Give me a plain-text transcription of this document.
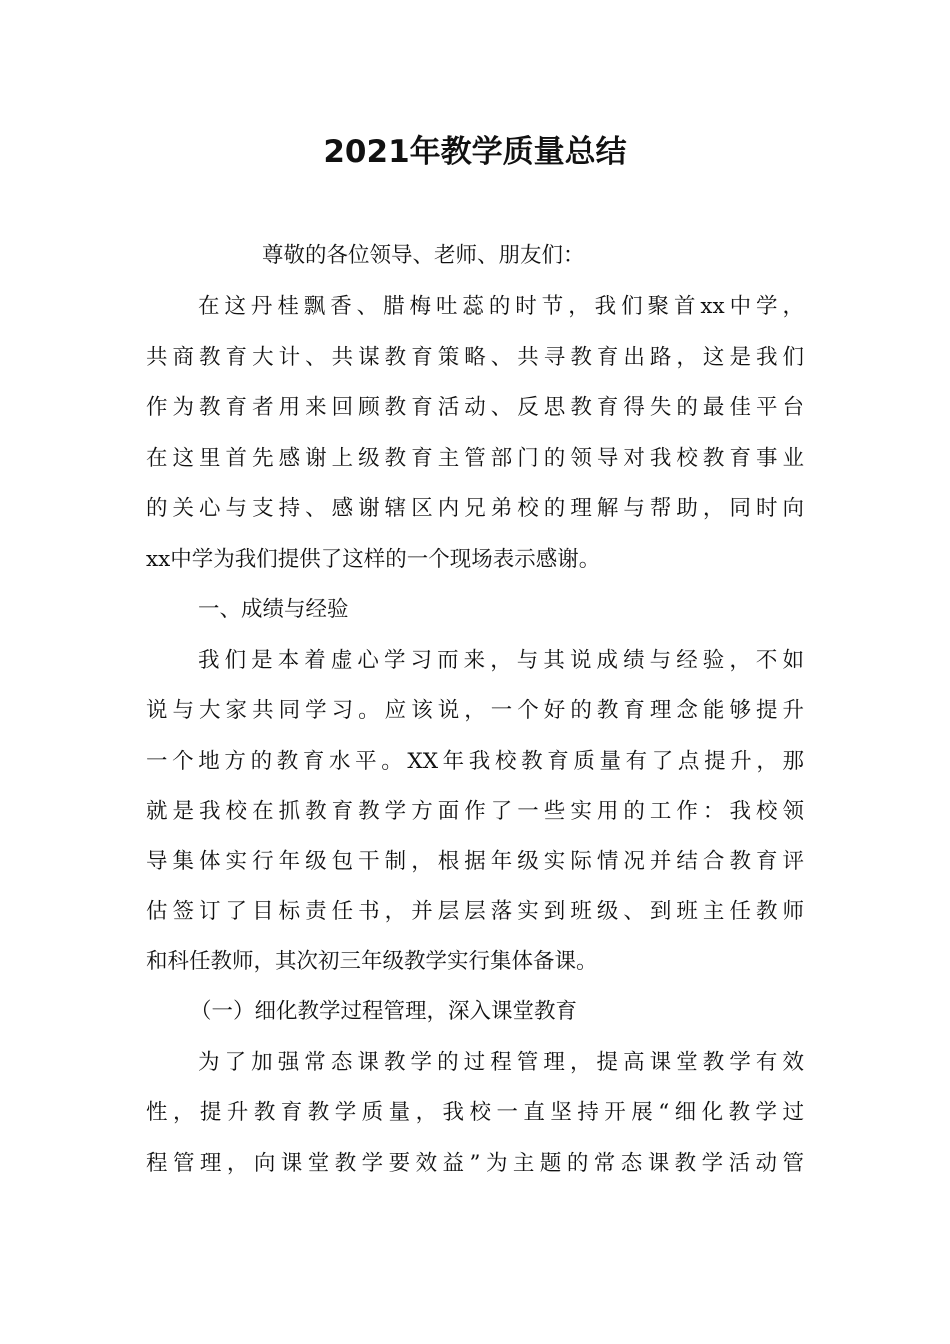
2021年教学质量总结
尊敬的各位领导、老师、朋友们：
在这丹桂飘香、腊梅吐蕊的时节，我们聚首xx中学，
共商教育大计、共谋教育策略、共寻教育出路，这是我们
作为教育者用来回顾教育活动、反思教育得失的最佳平台
在这里首先感谢上级教育主管部门的领导对我校教育事业
的关心与支持、感谢辖区内兄弟校的理解与帮助，同时向
xx中学为我们提供了这样的一个现场表示感谢。
一、成绩与经验
我们是本着虚心学习而来，与其说成绩与经验，不如
说与大家共同学习。应该说，一个好的教育理念能够提升
一个地方的教育水平。XX年我校教育质量有了点提升，那
就是我校在抓教育教学方面作了一些实用的工作：我校领
导集体实行年级包干制，根据年级实际情况并结合教育评
估签订了目标责任书，并层层落实到班级、到班主任教师
和科任教师，其次初三年级教学实行集体备课。
（一）细化教学过程管理，深入课堂教育
为了加强常态课教学的过程管理，提高课堂教学有效
性，提升教育教学质量，我校一直坚持开展“细化教学过
程管理，向课堂教学要效益”为主题的常态课教学活动管
